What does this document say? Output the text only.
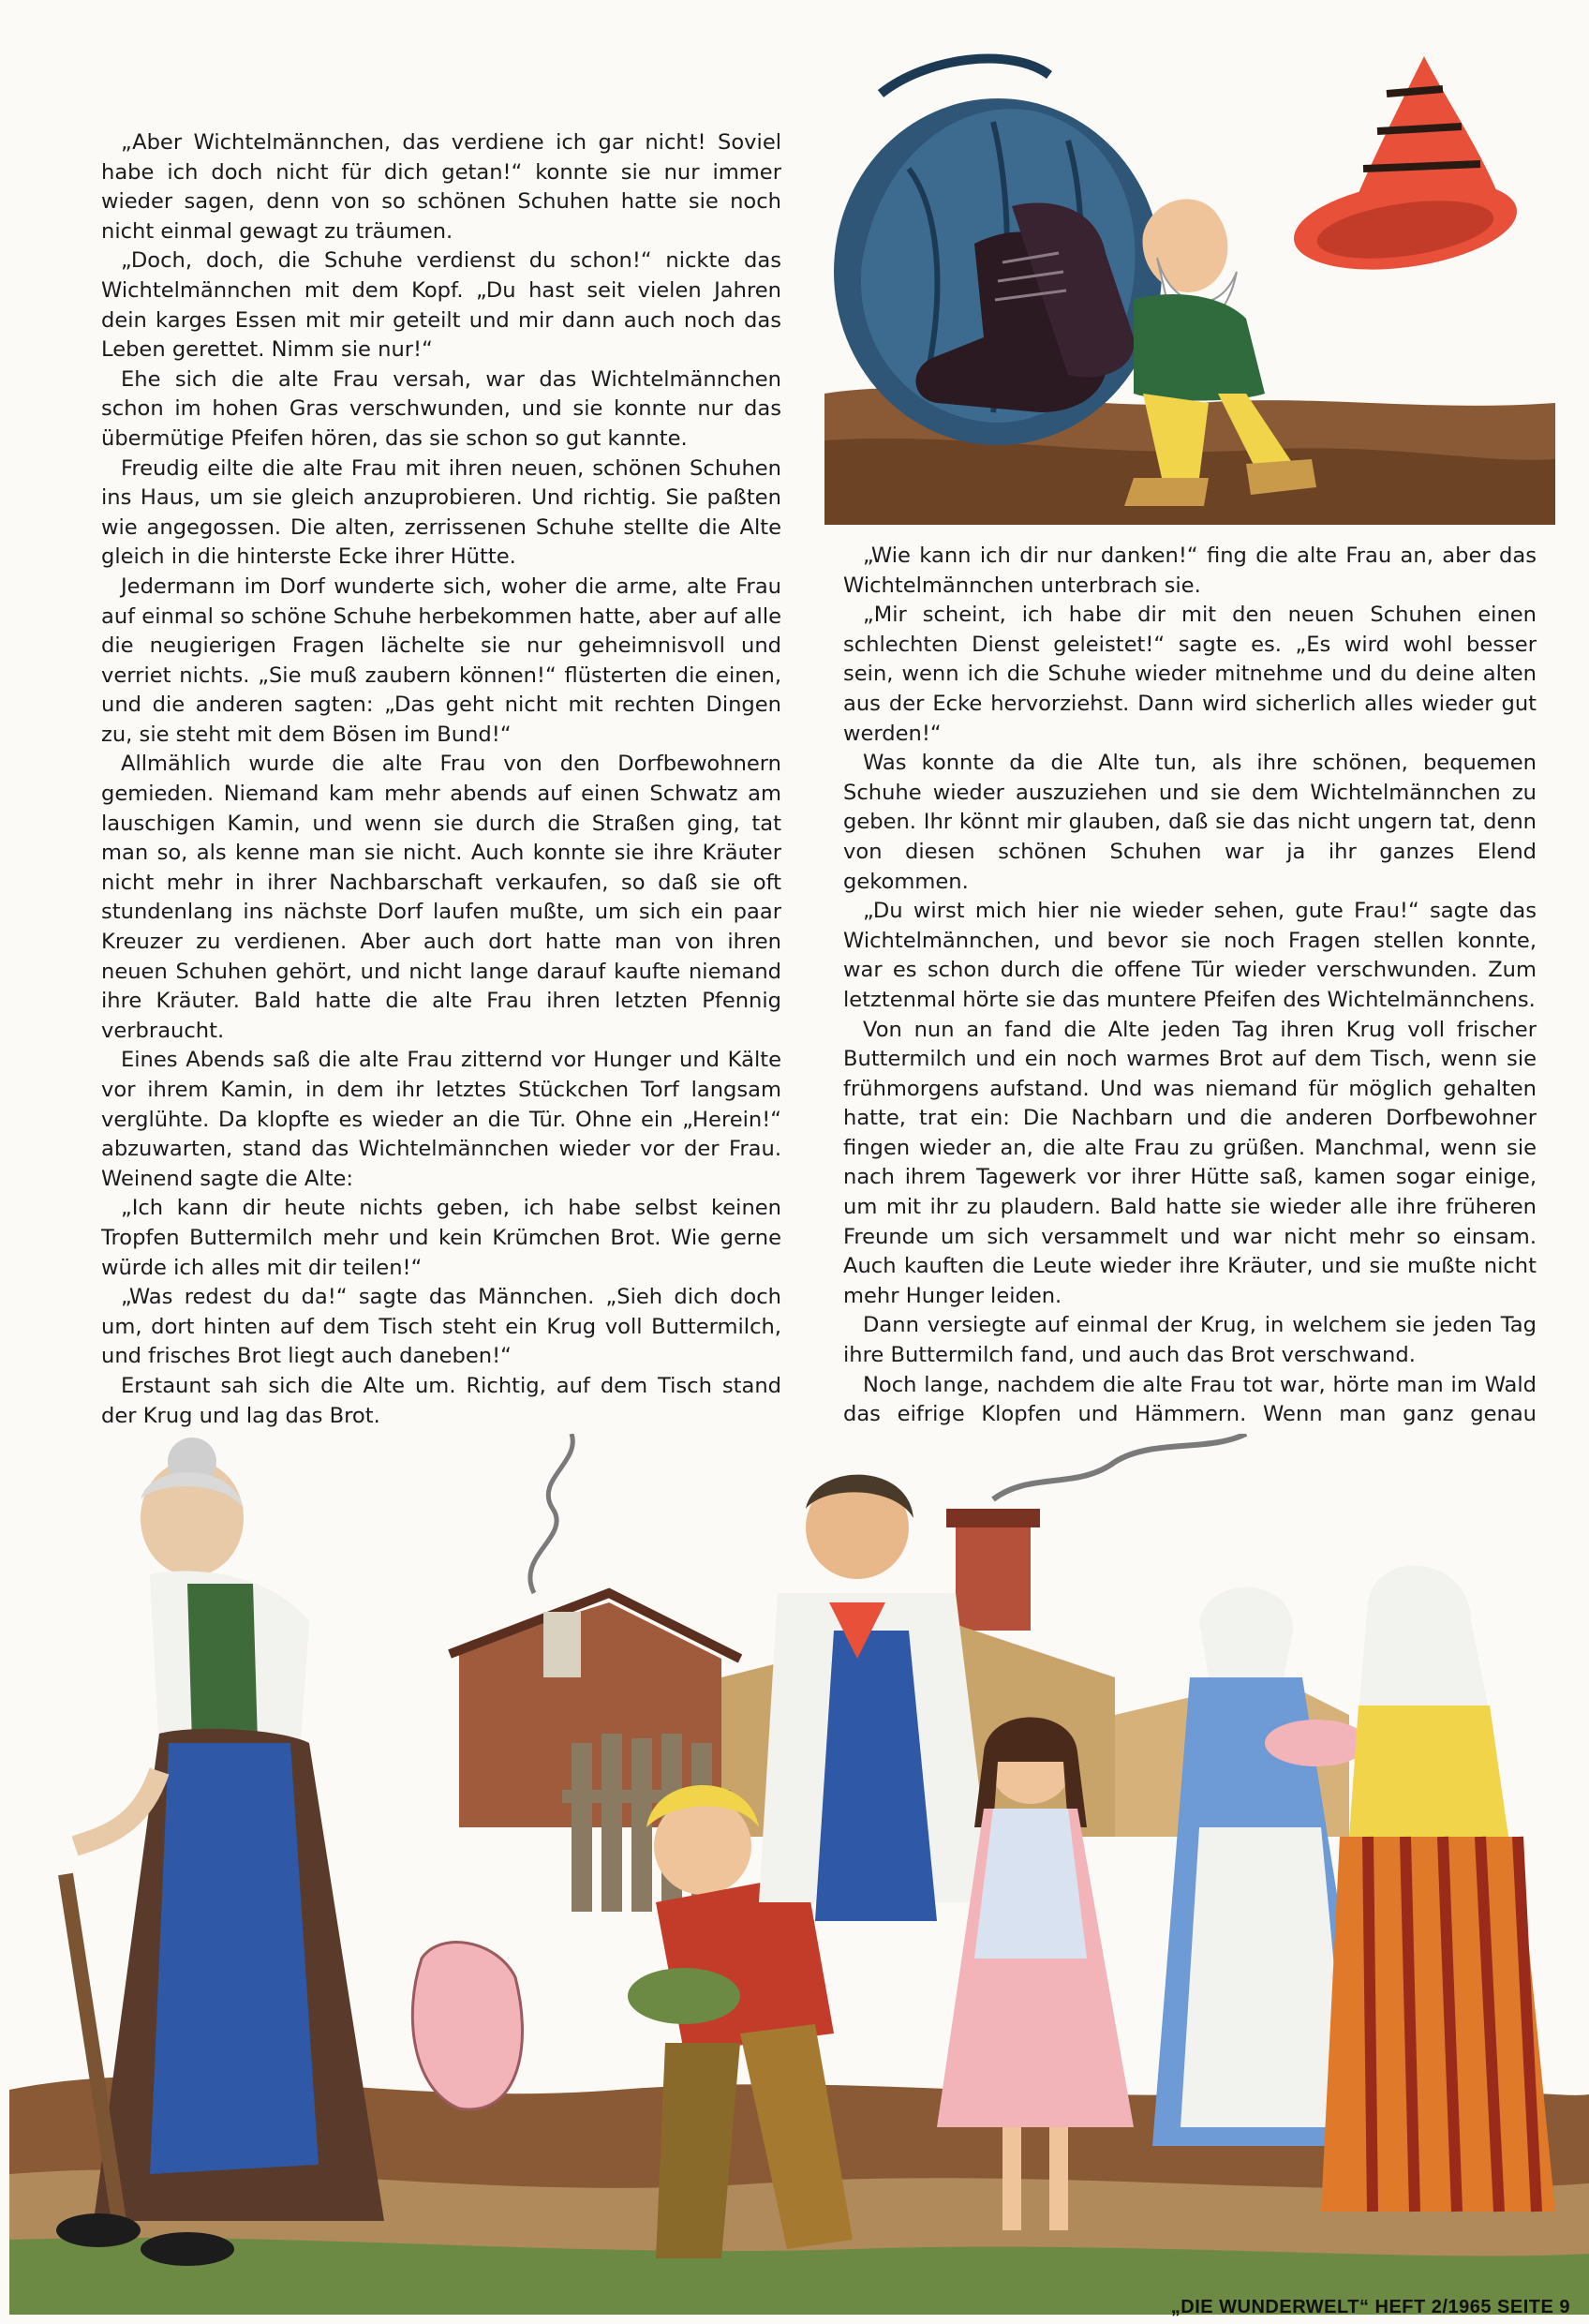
„Aber Wichtelmännchen, das verdiene ich gar nicht! Soviel habe ich doch nicht für dich getan!“ konnte sie nur immer wieder sagen, denn von so schönen Schuhen hatte sie noch nicht einmal gewagt zu träumen.

„Doch, doch, die Schuhe verdienst du schon!“ nickte das Wichtelmännchen mit dem Kopf. „Du hast seit vielen Jahren dein karges Essen mit mir geteilt und mir dann auch noch das Leben gerettet. Nimm sie nur!“

Ehe sich die alte Frau versah, war das Wichtelmännchen schon im hohen Gras verschwunden, und sie konnte nur das übermütige Pfeifen hören, das sie schon so gut kannte.

Freudig eilte die alte Frau mit ihren neuen, schönen Schuhen ins Haus, um sie gleich anzuprobieren. Und richtig. Sie paßten wie angegossen. Die alten, zerrissenen Schuhe stellte die Alte gleich in die hinterste Ecke ihrer Hütte.

Jedermann im Dorf wunderte sich, woher die arme, alte Frau auf einmal so schöne Schuhe herbekommen hatte, aber auf alle die neugierigen Fragen lächelte sie nur geheimnisvoll und verriet nichts. „Sie muß zaubern können!“ flüsterten die einen, und die anderen sagten: „Das geht nicht mit rechten Dingen zu, sie steht mit dem Bösen im Bund!“

Allmählich wurde die alte Frau von den Dorfbewohnern gemieden. Niemand kam mehr abends auf einen Schwatz am lauschigen Kamin, und wenn sie durch die Straßen ging, tat man so, als kenne man sie nicht. Auch konnte sie ihre Kräuter nicht mehr in ihrer Nachbarschaft verkaufen, so daß sie oft stundenlang ins nächste Dorf laufen mußte, um sich ein paar Kreuzer zu verdienen. Aber auch dort hatte man von ihren neuen Schuhen gehört, und nicht lange darauf kaufte niemand ihre Kräuter. Bald hatte die alte Frau ihren letzten Pfennig verbraucht.

Eines Abends saß die alte Frau zitternd vor Hunger und Kälte vor ihrem Kamin, in dem ihr letztes Stückchen Torf langsam verglühte. Da klopfte es wieder an die Tür. Ohne ein „Herein!“ abzuwarten, stand das Wichtelmännchen wieder vor der Frau. Weinend sagte die Alte:

„Ich kann dir heute nichts geben, ich habe selbst keinen Tropfen Buttermilch mehr und kein Krümchen Brot. Wie gerne würde ich alles mit dir teilen!“

„Was redest du da!“ sagte das Männchen. „Sieh dich doch um, dort hinten auf dem Tisch steht ein Krug voll Buttermilch, und frisches Brot liegt auch daneben!“

Erstaunt sah sich die Alte um. Richtig, auf dem Tisch stand der Krug und lag das Brot.

„Wie kann ich dir nur danken!“ fing die alte Frau an, aber das Wichtelmännchen unterbrach sie.

„Mir scheint, ich habe dir mit den neuen Schuhen einen schlechten Dienst geleistet!“ sagte es. „Es wird wohl besser sein, wenn ich die Schuhe wieder mitnehme und du deine alten aus der Ecke hervorziehst. Dann wird sicherlich alles wieder gut werden!“

Was konnte da die Alte tun, als ihre schönen, bequemen Schuhe wieder auszuziehen und sie dem Wichtelmännchen zu geben. Ihr könnt mir glauben, daß sie das nicht ungern tat, denn von diesen schönen Schuhen war ja ihr ganzes Elend gekommen.

„Du wirst mich hier nie wieder sehen, gute Frau!“ sagte das Wichtelmännchen, und bevor sie noch Fragen stellen konnte, war es schon durch die offene Tür wieder verschwunden. Zum letztenmal hörte sie das muntere Pfeifen des Wichtelmännchens.

Von nun an fand die Alte jeden Tag ihren Krug voll frischer Buttermilch und ein noch warmes Brot auf dem Tisch, wenn sie frühmorgens aufstand. Und was niemand für möglich gehalten hatte, trat ein: Die Nachbarn und die anderen Dorfbewohner fingen wieder an, die alte Frau zu grüßen. Manchmal, wenn sie nach ihrem Tagewerk vor ihrer Hütte saß, kamen sogar einige, um mit ihr zu plaudern. Bald hatte sie wieder alle ihre früheren Freunde um sich versammelt und war nicht mehr so einsam. Auch kauften die Leute wieder ihre Kräuter, und sie mußte nicht mehr Hunger leiden.

Dann versiegte auf einmal der Krug, in welchem sie jeden Tag ihre Buttermilch fand, und auch das Brot verschwand.

Noch lange, nachdem die alte Frau tot war, hörte man im Wald das eifrige Klopfen und Hämmern. Wenn man ganz genau

„DIE WUNDERWELT“ HEFT 2/1965 SEITE 9
